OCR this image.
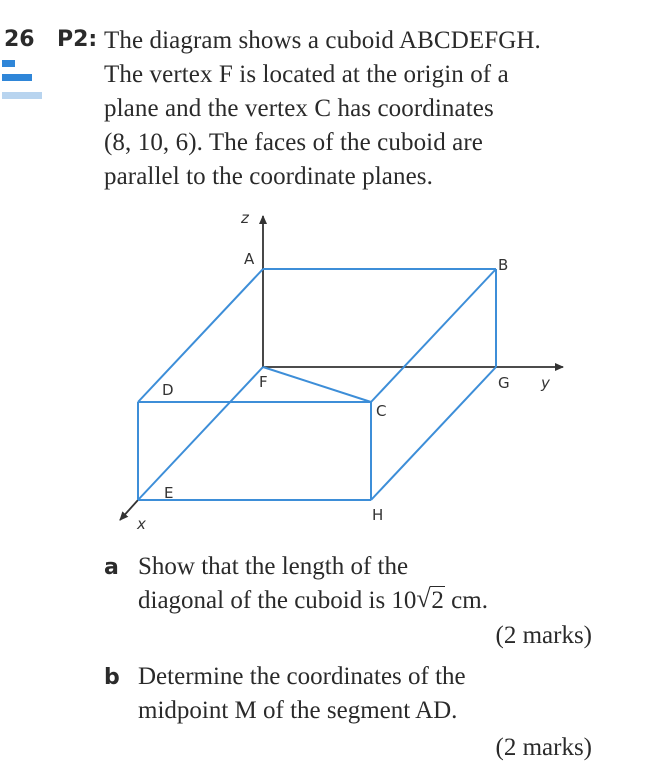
26 P2: The diagram shows a cuboid ABCDEFGH.
The vertex F is located at the origin of a
plane and the vertex C has coordinates
(8, 10, 6). The faces of the cuboid are
parallel to the coordinate planes.
A	B
C
D
E
F	G
H
z
y
x
a Show that the length of the
diagonal of the cuboid is 10 √ 2 cm.
(2 marks)
b Determine the coordinates of the
midpoint M of the segment AD.
(2 marks)
